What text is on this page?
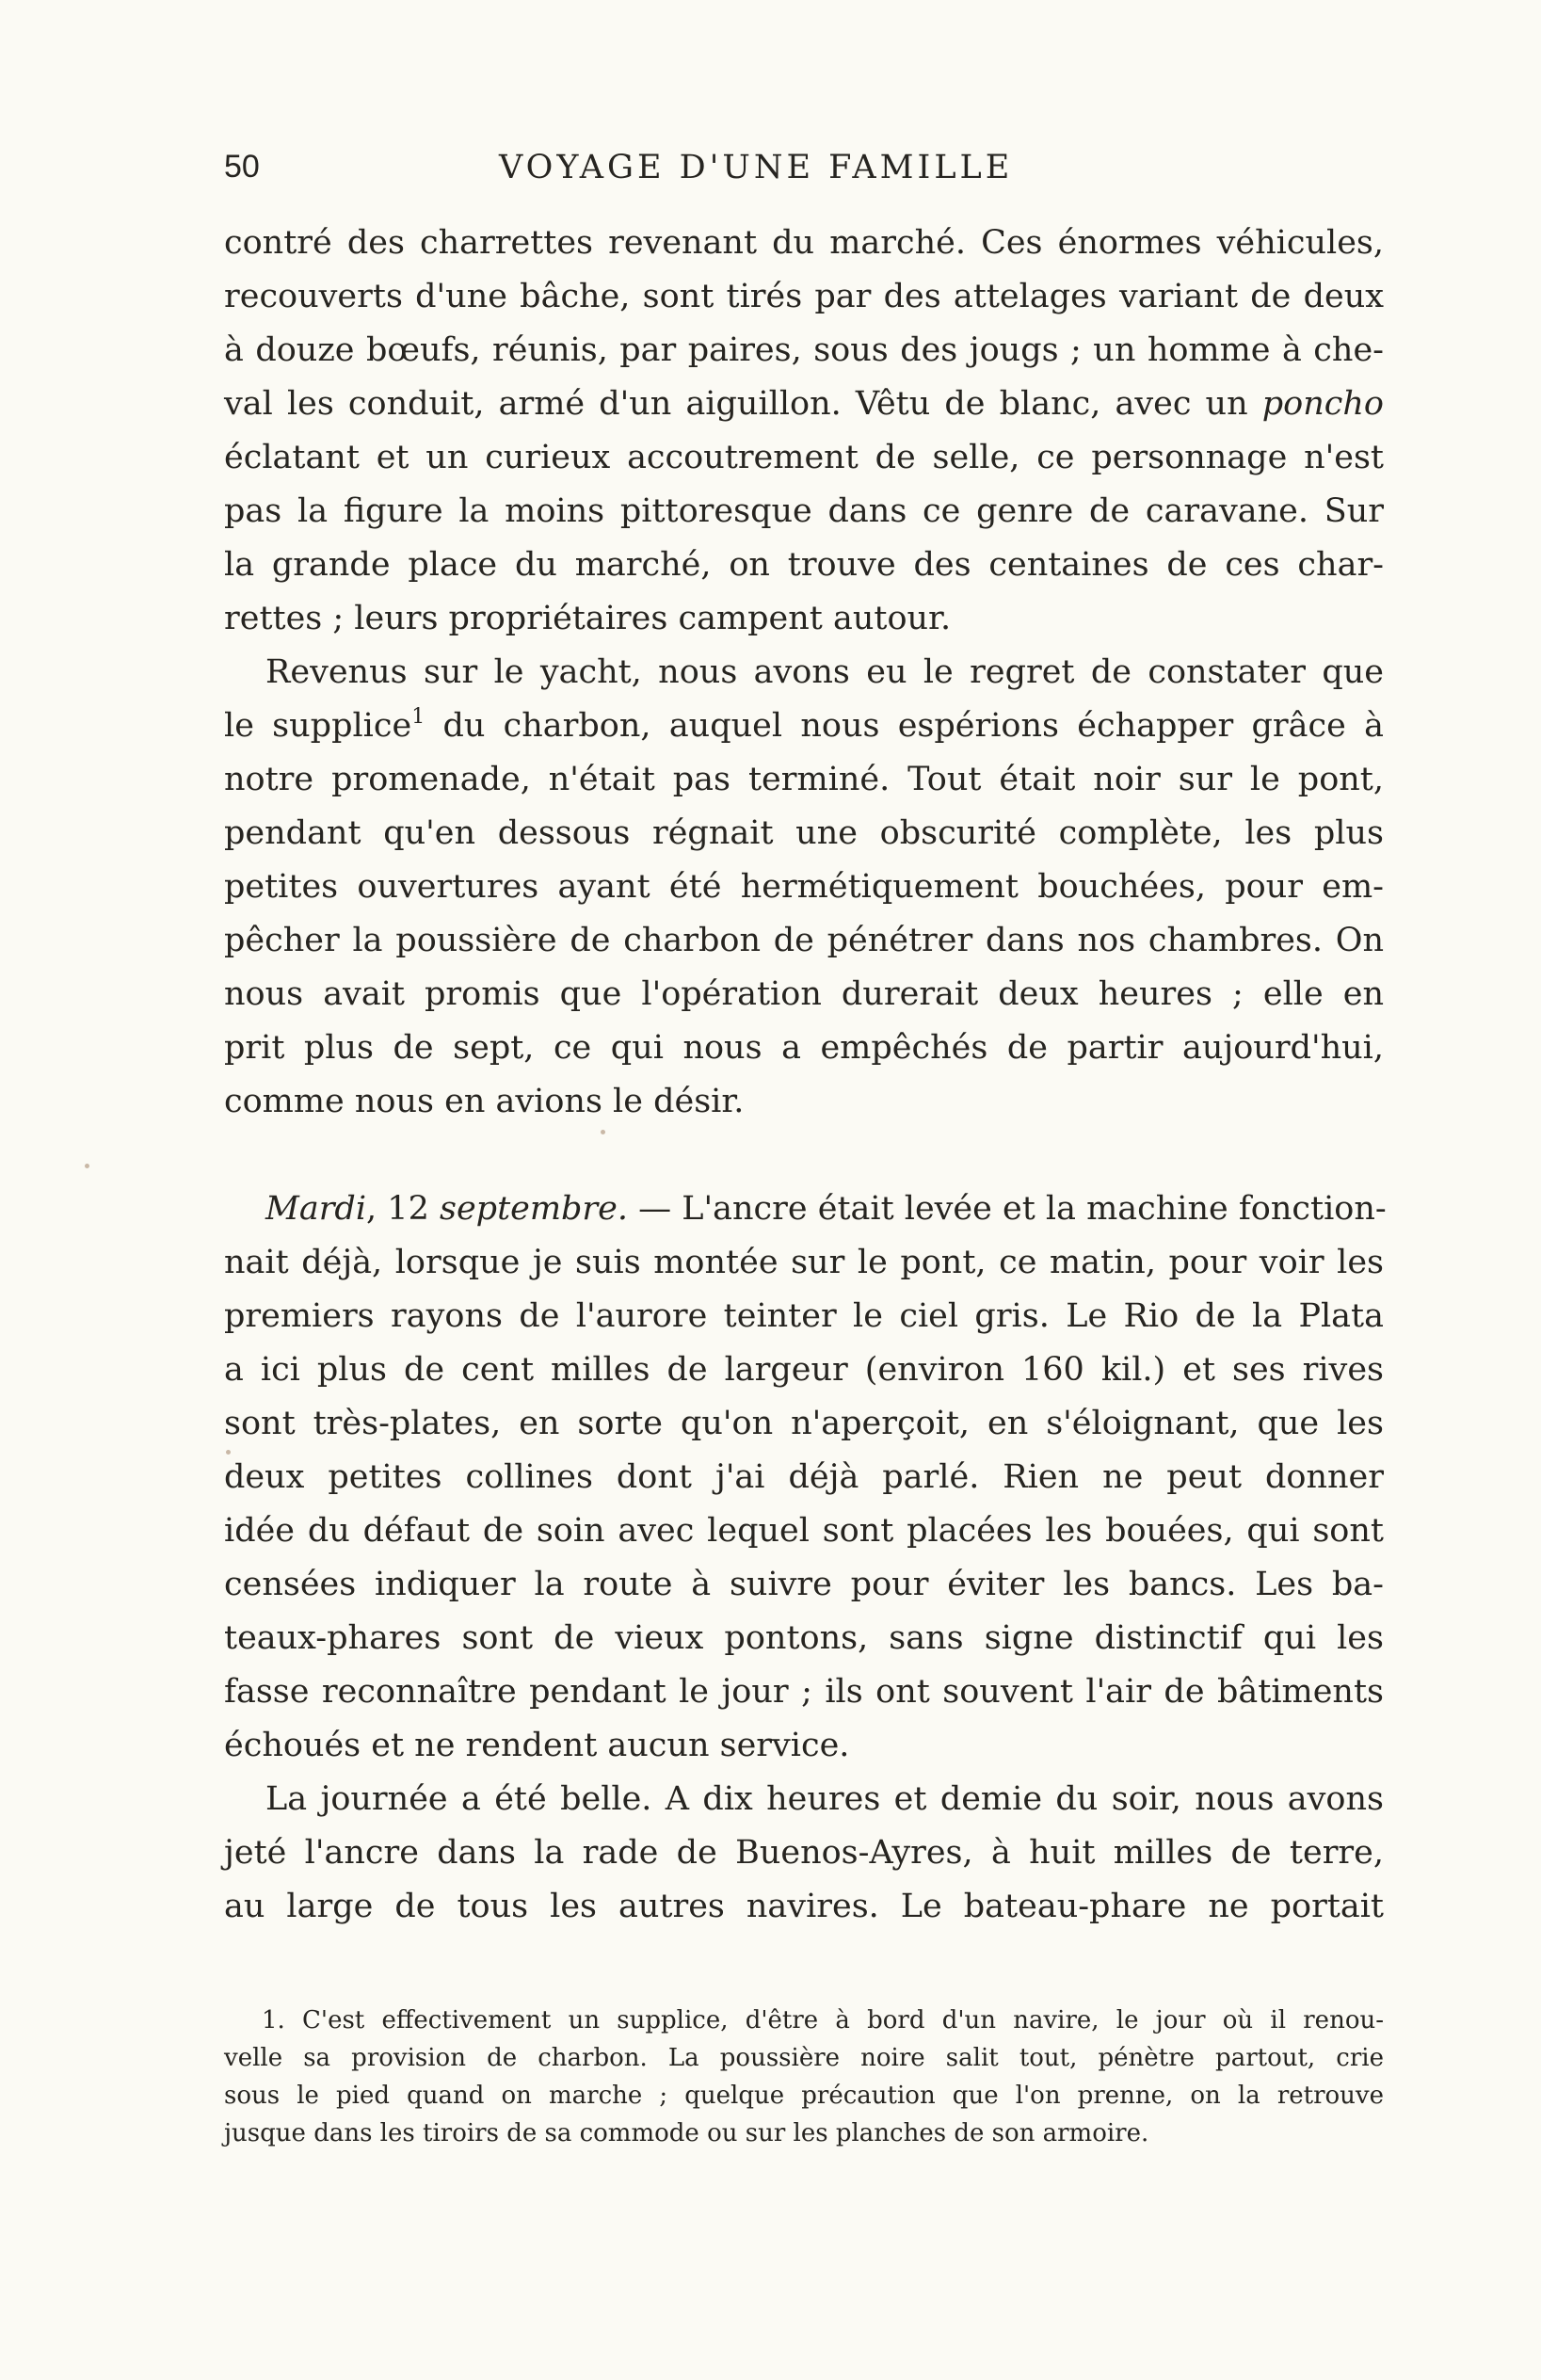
50	VOYAGE D'UNE FAMILLE
contré des charrettes revenant du marché. Ces énormes véhicules,
recouverts d'une bâche, sont tirés par des attelages variant de deux
à douze bœufs, réunis, par paires, sous des jougs ; un homme à che-
val les conduit, armé d'un aiguillon. Vêtu de blanc, avec un poncho
éclatant et un curieux accoutrement de selle, ce personnage n'est
pas la figure la moins pittoresque dans ce genre de caravane. Sur
la grande place du marché, on trouve des centaines de ces char-
rettes ; leurs propriétaires campent autour.
Revenus sur le yacht, nous avons eu le regret de constater que
le supplice$^1$ du charbon, auquel nous espérions échapper grâce à
notre promenade, n'était pas terminé. Tout était noir sur le pont,
pendant qu'en dessous régnait une obscurité complète, les plus
petites ouvertures ayant été hermétiquement bouchées, pour em-
pêcher la poussière de charbon de pénétrer dans nos chambres. On
nous avait promis que l'opération durerait deux heures ; elle en
prit plus de sept, ce qui nous a empêchés de partir aujourd'hui,
comme nous en avions le désir.
Mardi, 12 septembre. — L'ancre était levée et la machine fonction-
nait déjà, lorsque je suis montée sur le pont, ce matin, pour voir les
premiers rayons de l'aurore teinter le ciel gris. Le Rio de la Plata
a ici plus de cent milles de largeur (environ 160 kil.) et ses rives
sont très-plates, en sorte qu'on n'aperçoit, en s'éloignant, que les
deux petites collines dont j'ai déjà parlé. Rien ne peut donner
idée du défaut de soin avec lequel sont placées les bouées, qui sont
censées indiquer la route à suivre pour éviter les bancs. Les ba-
teaux-phares sont de vieux pontons, sans signe distinctif qui les
fasse reconnaître pendant le jour ; ils ont souvent l'air de bâtiments
échoués et ne rendent aucun service.
La journée a été belle. A dix heures et demie du soir, nous avons
jeté l'ancre dans la rade de Buenos-Ayres, à huit milles de terre,
au large de tous les autres navires. Le bateau-phare ne portait
1. C'est effectivement un supplice, d'être à bord d'un navire, le jour où il renou-
velle sa provision de charbon. La poussière noire salit tout, pénètre partout, crie
sous le pied quand on marche ; quelque précaution que l'on prenne, on la retrouve
jusque dans les tiroirs de sa commode ou sur les planches de son armoire.
